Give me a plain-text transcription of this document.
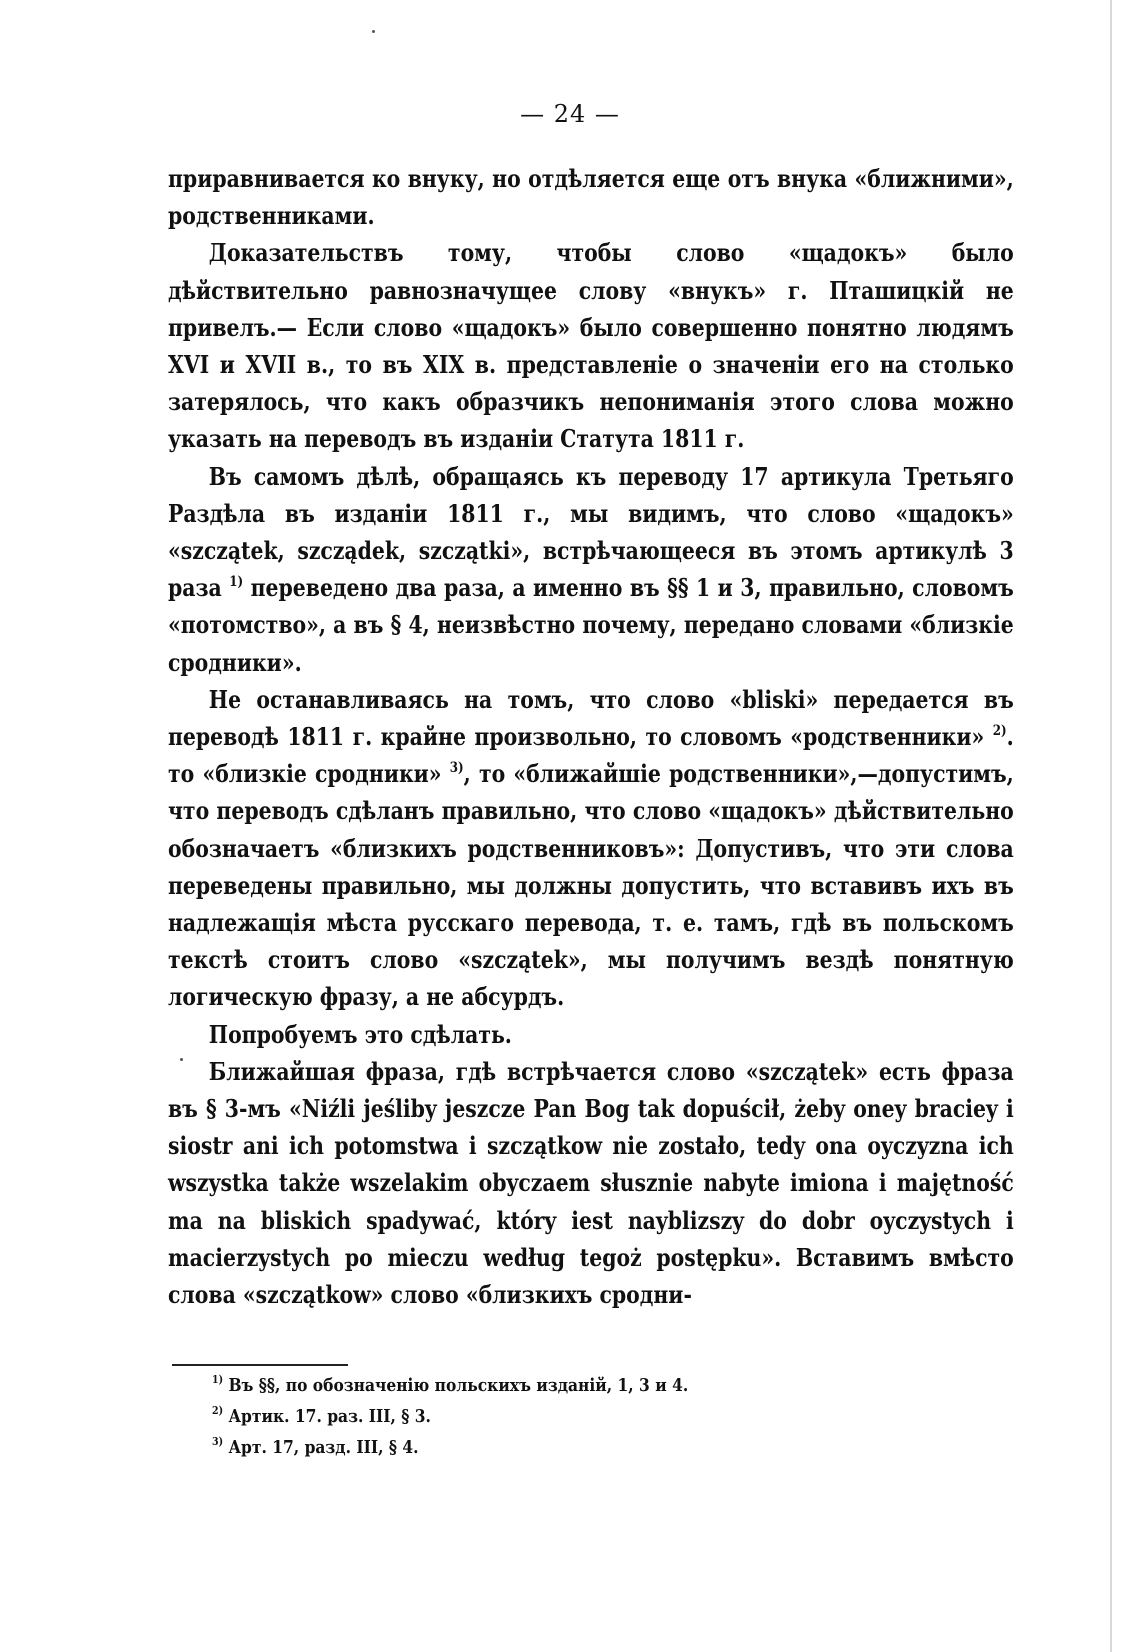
— 24 —

приравнивается ко внуку, но отдѣляется еще отъ внука «ближними», родственниками.

Доказательствъ тому, чтобы слово «щадокъ» было дѣйствительно равнозначущее слову «внукъ» г. Пташицкій не привелъ.— Если слово «щадокъ» было совершенно понятно людямъ XVI и XVII в., то въ XIX в. представленіе о значеніи его на столько затерялось, что какъ образчикъ непониманія этого слова можно указать на переводъ въ изданіи Статута 1811 г.

Въ самомъ дѣлѣ, обращаясь къ переводу 17 артикула Третьяго Раздѣла въ изданіи 1811 г., мы видимъ, что слово «щадокъ» «szczątek, szcządek, szczątki», встрѣчающееся въ этомъ артикулѣ 3 раза $^{1)}$ переведено два раза, а именно въ §§ 1 и 3, правильно, словомъ «потомство», а въ § 4, неизвѣстно почему, передано словами «близкіе сродники».

Не останавливаясь на томъ, что слово «bliski» передается въ переводѣ 1811 г. крайне произвольно, то словомъ «родственники» $^{2)}$. то «близкіе сродники» $^{3)}$, то «ближайшіе родственники»,—допустимъ, что переводъ сдѣланъ правильно, что слово «щадокъ» дѣйствительно обозначаетъ «близкихъ родственниковъ»: Допустивъ, что эти слова переведены правильно, мы должны допустить, что вставивъ ихъ въ надлежащія мѣста русскаго перевода, т. е. тамъ, гдѣ въ польскомъ текстѣ стоитъ слово «szczątek», мы получимъ вездѣ понятную логическую фразу, а не абсурдъ.

Попробуемъ это сдѣлать.

Ближайшая фраза, гдѣ встрѣчается слово «szczątek» есть фраза въ § 3-мъ «Niźli jeśliby jeszcze Pan Bog tak dopuścił, żeby oney braciey i siostr ani ich potomstwa i szczątkow nie zostało, tedy ona oyczyzna ich wszystka także wszelakim obyczaem słusznie nabyte imiona i majętność ma na bliskich spadywać, który iest nayblizszy do dobr oyczystych i macierzystych po mieczu według tegoż postępku». Вставимъ вмѣсто слова «szczątkow» слово «близкихъ сродни-

$^{1)}$ Въ §§, по обозначенію польскихъ изданій, 1, 3 и 4.
$^{2)}$ Артик. 17. раз. III, § 3.
$^{3)}$ Арт. 17, разд. III, § 4.
